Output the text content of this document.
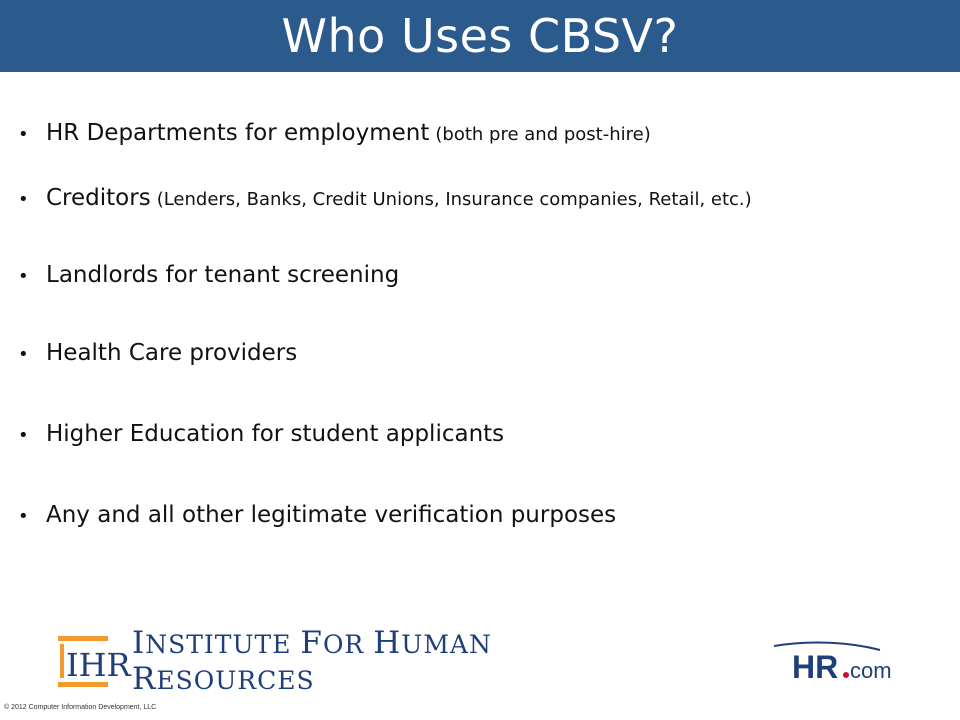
Who Uses CBSV?
• HR Departments for employment (both pre and post-hire)
• Creditors (Lenders, Banks, Credit Unions, Insurance companies, Retail, etc.)
• Landlords for tenant screening
• Health Care providers
• Higher Education for student applicants
• Any and all other legitimate verification purposes
IHR
INSTITUTE FOR HUMAN RESOURCES	HR com
© 2012 Computer Information Development, LLC
